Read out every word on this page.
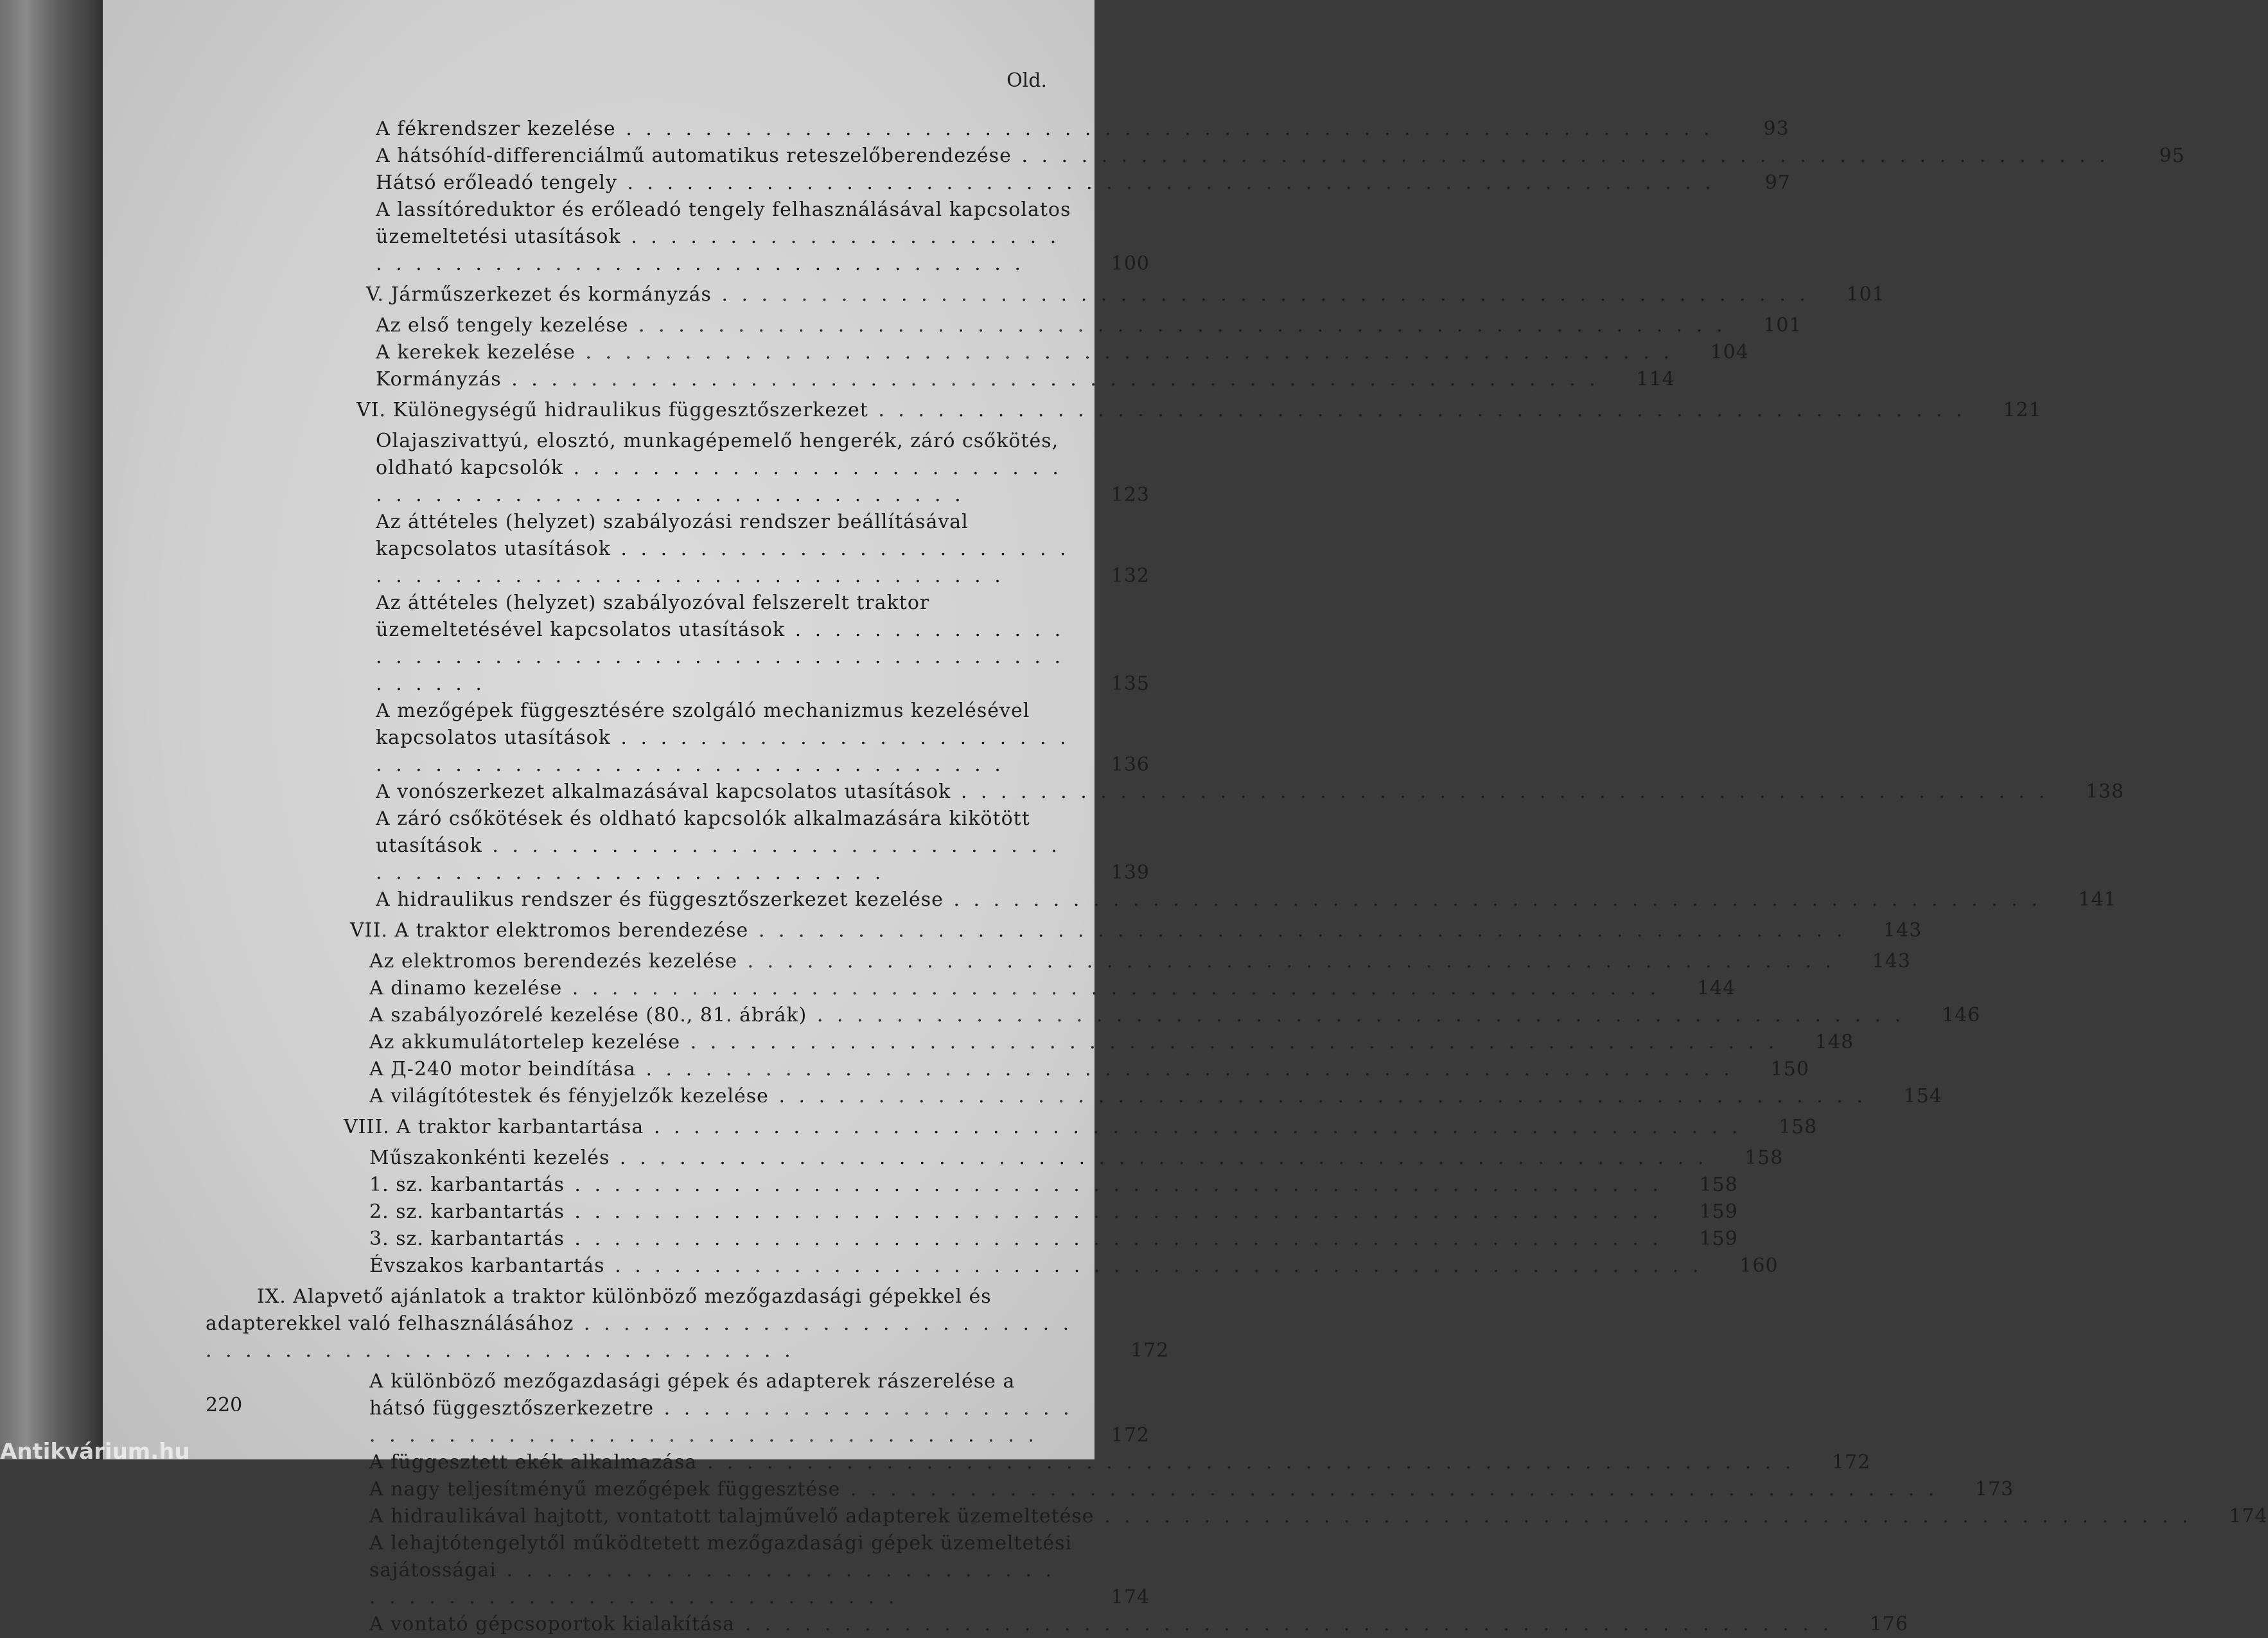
Old.
A fékrendszer kezelése . . .	93
A hátsóhíd-differenciálmű automatikus reteszelőberendezése . . .	95
Hátsó erőleadó tengely . . .	97
A lassítóreduktor és erőleadó tengely felhasználásával kapcsolatos üzemeltetési utasítások . . .
100
V. Járműszerkezet és kormányzás . . .	101
Az első tengely kezelése . . .	101
A kerekek kezelése . . .	104
Kormányzás . . .	114
VI. Különegységű hidraulikus függesztőszerkezet . . .	121
Olajaszivattyú, elosztó, munkagépemelő hengerék, záró csőkötés, oldható kapcsolók . . .
123
Az áttételes (helyzet) szabályozási rendszer beállításával kapcsolatos utasítások . . .
132
Az áttételes (helyzet) szabályozóval felszerelt traktor üzemeltetésével kapcsolatos utasítások . . .
135
A mezőgépek függesztésére szolgáló mechanizmus kezelésével kapcsolatos utasítások . . .
136
A vonószerkezet alkalmazásával kapcsolatos utasítások . . .	138
A záró csőkötések és oldható kapcsolók alkalmazására kikötött utasítások . . .
139
A hidraulikus rendszer és függesztőszerkezet kezelése . . .	141
VII. A traktor elektromos berendezése . . .	143
Az elektromos berendezés kezelése . . .	143
A dinamo kezelése . . .	144
A szabályozórelé kezelése (80., 81. ábrák) . . .	146
Az akkumulátortelep kezelése . . .	148
A Д-240 motor beindítása . . .	150
A világítótestek és fényjelzők kezelése . . .	154
VIII. A traktor karbantartása . . .	158
Műszakonkénti kezelés . . .	158
1. sz. karbantartás . . .	158
2. sz. karbantartás . . .	159
3. sz. karbantartás . . .	159
Évszakos karbantartás . . .	160
IX. Alapvető ajánlatok a traktor különböző mezőgazdasági gépekkel és adapterekkel való felhasználásához . . .
172
A különböző mezőgazdasági gépek és adapterek rászerelése a hátsó függesztőszerkezetre . . .
172
A függesztett ekék alkalmazása . . .	172
A nagy teljesítményű mezőgépek függesztése . . .	173
A hidraulikával hajtott, vontatott talajművelő adapterek üzemeltetése . . .	174
A lehajtótengelytől működtetett mezőgazdasági gépek üzemeltetési sajátosságai . . .
174
A vontató gépcsoportok kialakítása . . .	176
220
Antikvárium.hu
